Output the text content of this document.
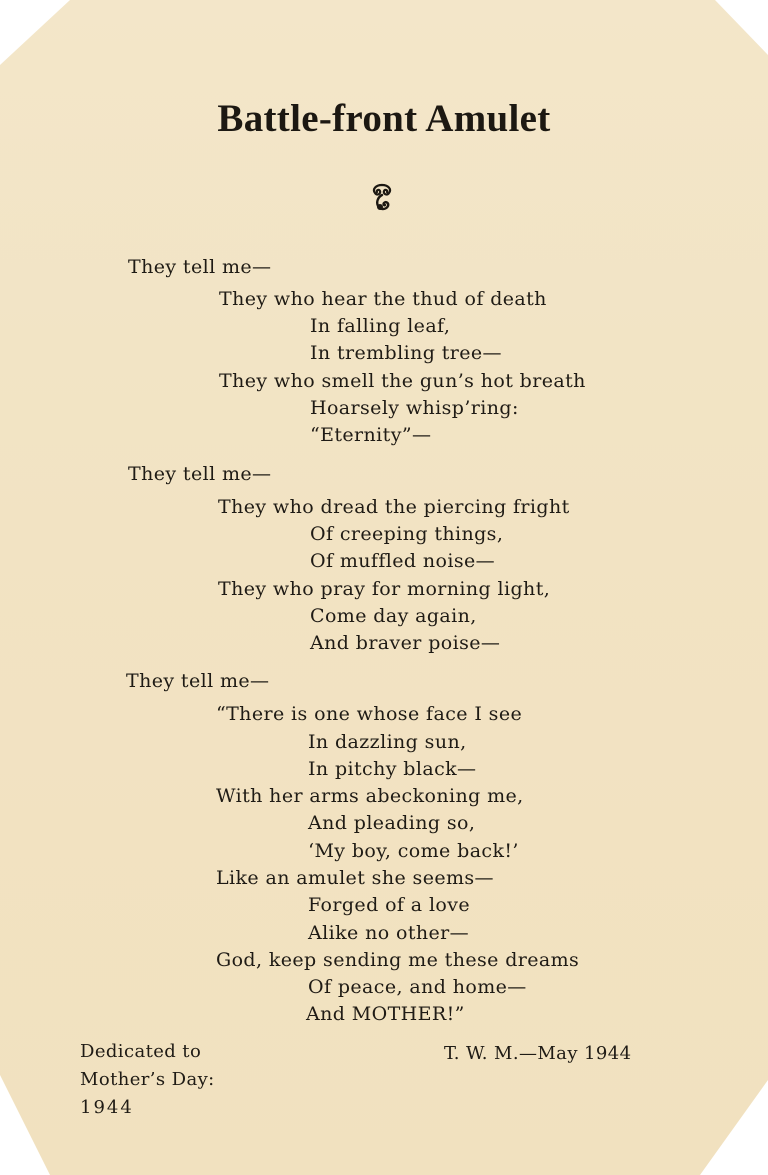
Battle-front Amulet
They tell me—
They who hear the thud of death
In falling leaf,
In trembling tree—
They who smell the gun’s hot breath
Hoarsely whisp’ring:
“Eternity”—
They tell me—
They who dread the piercing fright
Of creeping things,
Of muffled noise—
They who pray for morning light,
Come day again,
And braver poise—
They tell me—
“There is one whose face I see
In dazzling sun,
In pitchy black—
With her arms abeckoning me,
And pleading so,
‘My boy, come back!’
Like an amulet she seems—
Forged of a love
Alike no other—
God, keep sending me these dreams
Of peace, and home—
And MOTHER!”
Dedicated to
Mother’s Day:
1944
T. W. M.—May 1944
